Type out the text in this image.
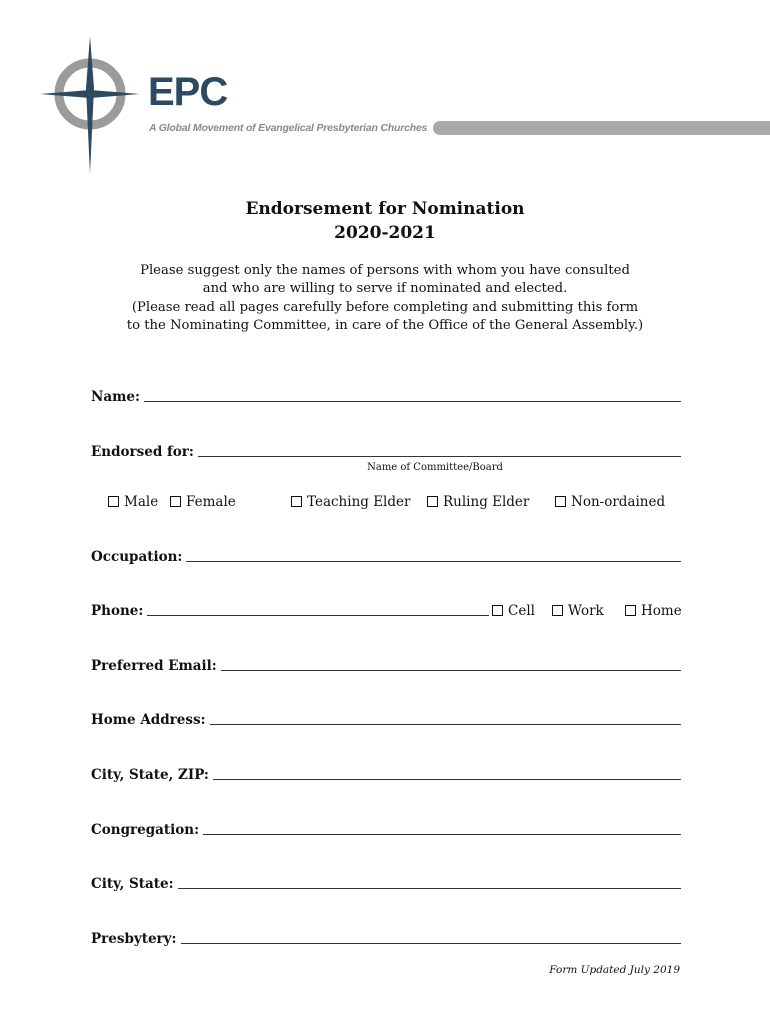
EPC
A Global Movement of Evangelical Presbyterian Churches
Endorsement for Nomination
2020-2021
Please suggest only the names of persons with whom you have consulted
and who are willing to serve if nominated and elected.
(Please read all pages carefully before completing and submitting this form
to the Nominating Committee, in care of the Office of the General Assembly.)
Name:
Endorsed for:
Name of Committee/Board
Male	Female	Teaching Elder	Ruling Elder	Non-ordained
Occupation:
Phone:	Cell	Work	Home
Preferred Email:
Home Address:
City, State, ZIP:
Congregation:
City, State:
Presbytery:
Form Updated July 2019
